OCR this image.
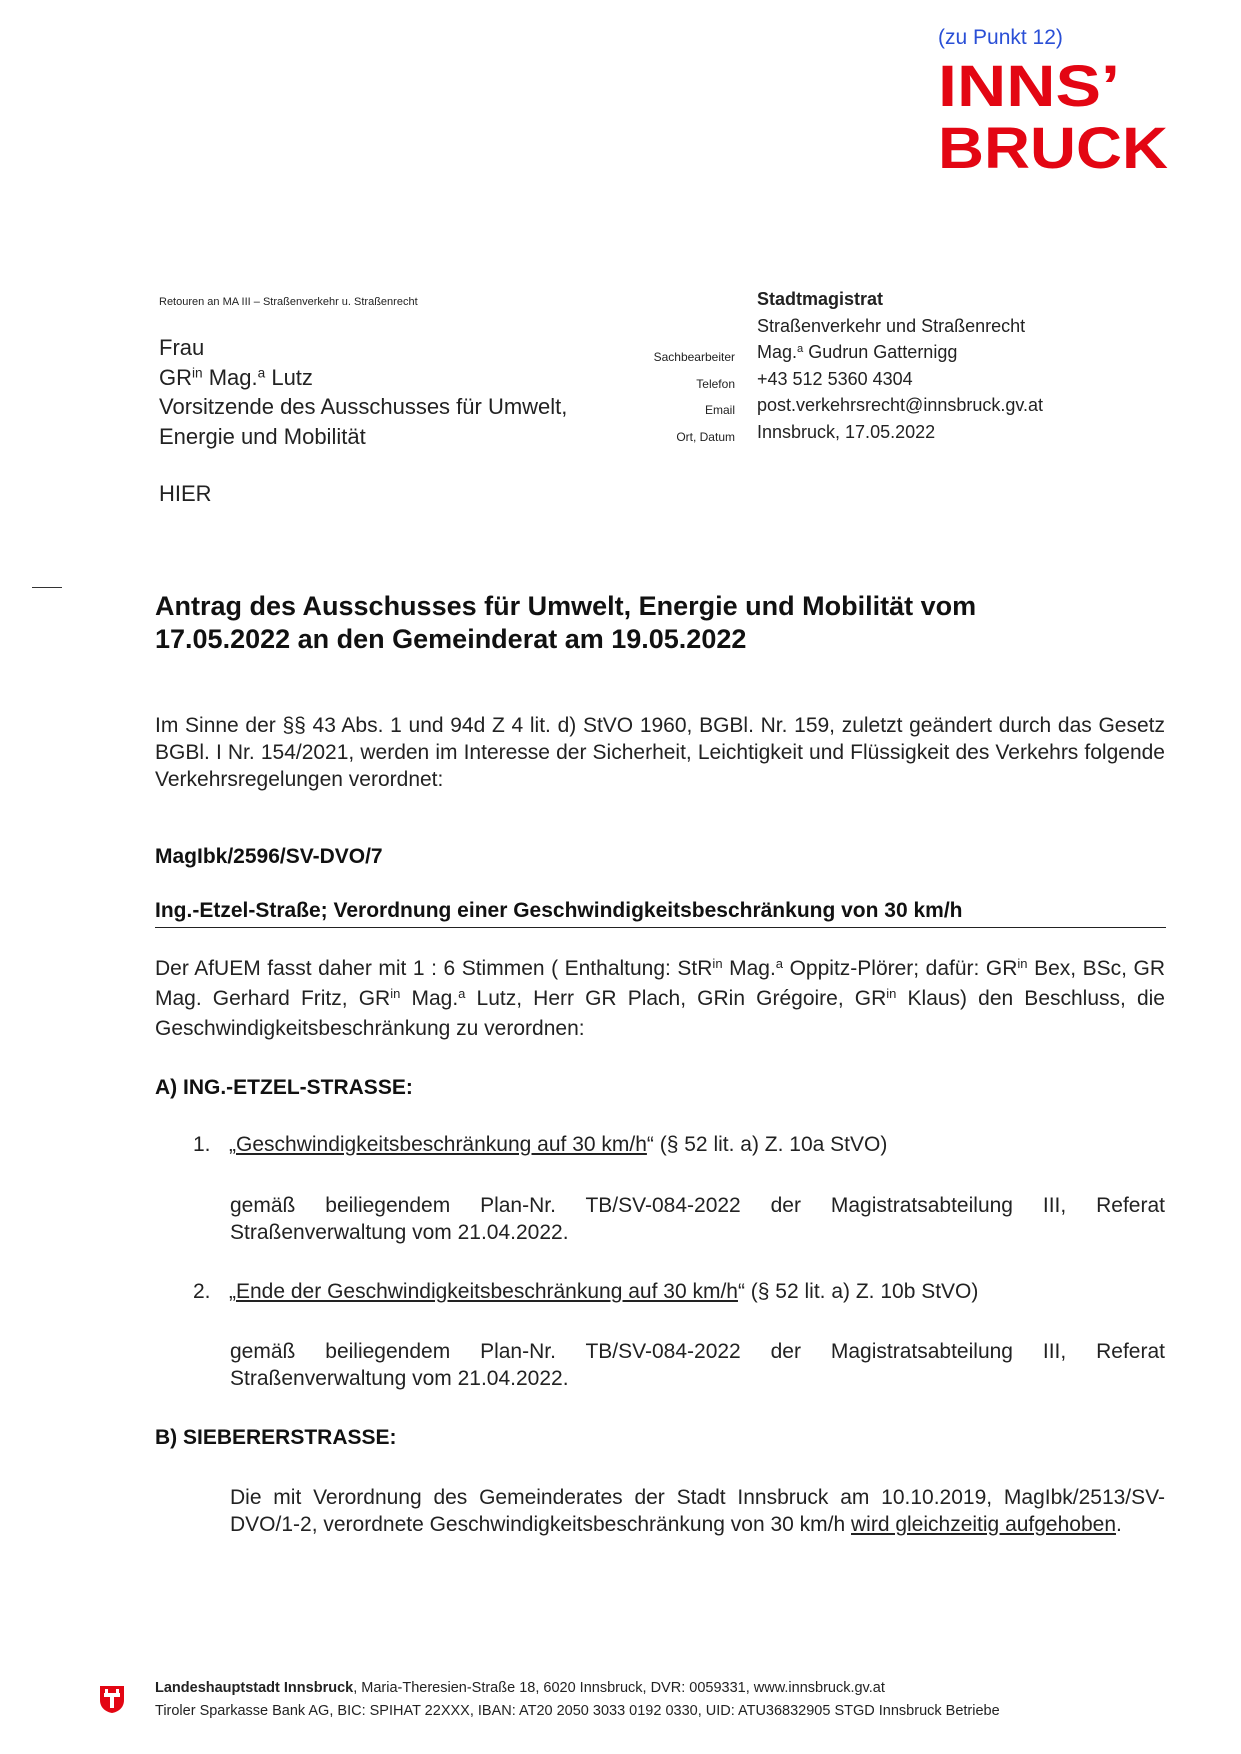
(zu Punkt 12)
INNS’
BRUCK
Retouren an MA III – Straßenverkehr u. Straßenrecht
Frau
$GR^{in}$ Mag.$^a$ Lutz
Vorsitzende des Ausschusses für Umwelt,
Energie und Mobilität
HIER
Sachbearbeiter
Telefon
Email
Ort, Datum
Stadtmagistrat
Straßenverkehr und Straßenrecht
Mag.$^a$ Gudrun Gatternigg
+43 512 5360 4304
post.verkehrsrecht@innsbruck.gv.at
Innsbruck, 17.05.2022
Antrag des Ausschusses für Umwelt, Energie und Mobilität vom 17.05.2022 an den Gemeinderat am 19.05.2022
Im Sinne der §§ 43 Abs. 1 und 94d Z 4 lit. d) StVO 1960, BGBl. Nr. 159, zuletzt geändert durch das Gesetz BGBl. I Nr. 154/2021, werden im Interesse der Sicherheit, Leichtigkeit und Flüssigkeit des Verkehrs folgende Verkehrsregelungen verordnet:
MagIbk/2596/SV-DVO/7
Ing.-Etzel-Straße; Verordnung einer Geschwindigkeitsbeschränkung von 30 km/h
Der AfUEM fasst daher mit 1 : 6 Stimmen ( Enthaltung: StR$^{in}$ Mag.$^a$ Oppitz-Plörer; dafür: $GR^{in}$ Bex, BSc, GR Mag. Gerhard Fritz, $GR^{in}$ Mag.$^a$ Lutz, Herr GR Plach, GRin Grégoire, $GR^{in}$ Klaus) den Beschluss, die Geschwindigkeitsbeschränkung zu verordnen:
A) ING.-ETZEL-STRASSE:
1. „Geschwindigkeitsbeschränkung auf 30 km/h“ (§ 52 lit. a) Z. 10a StVO)
gemäß beiliegendem Plan-Nr. TB/SV-084-2022 der Magistratsabteilung III, Referat Straßenverwaltung vom 21.04.2022.
2. „Ende der Geschwindigkeitsbeschränkung auf 30 km/h“ (§ 52 lit. a) Z. 10b StVO)
gemäß beiliegendem Plan-Nr. TB/SV-084-2022 der Magistratsabteilung III, Referat Straßenverwaltung vom 21.04.2022.
B) SIEBERERSTRASSE:
Die mit Verordnung des Gemeinderates der Stadt Innsbruck am 10.10.2019, MagIbk/2513/SV-DVO/1-2, verordnete Geschwindigkeitsbeschränkung von 30 km/h wird gleichzeitig aufgehoben.
Landeshauptstadt Innsbruck, Maria-Theresien-Straße 18, 6020 Innsbruck, DVR: 0059331, www.innsbruck.gv.at
Tiroler Sparkasse Bank AG, BIC: SPIHAT 22XXX, IBAN: AT20 2050 3033 0192 0330, UID: ATU36832905 STGD Innsbruck Betriebe
